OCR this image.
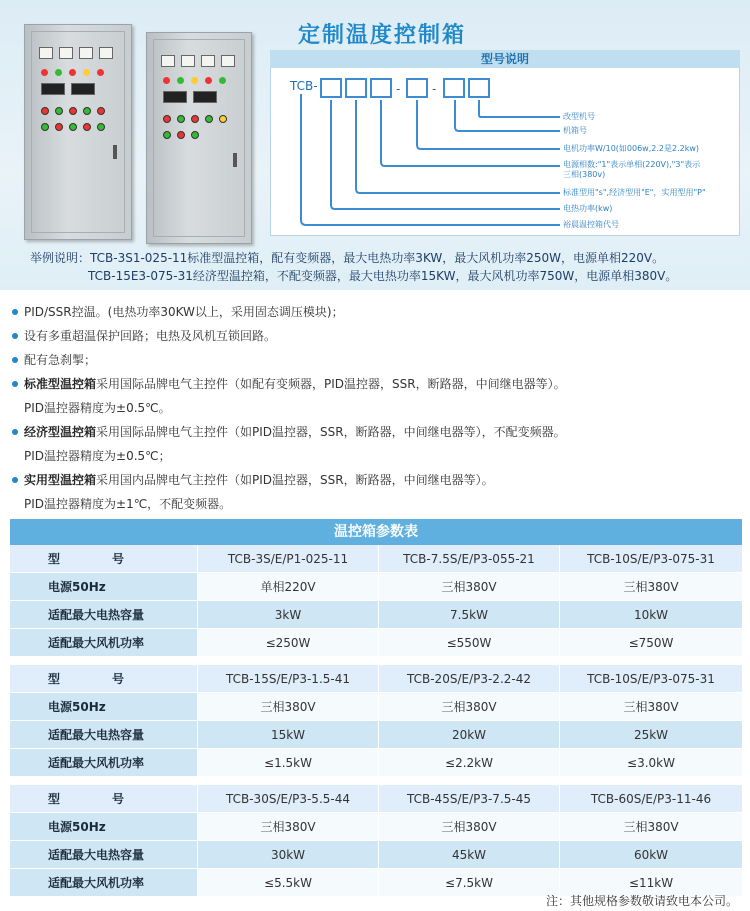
定制温度控制箱
型号说明
TCB-	-	-
改型机号
机箱号
电机功率W/10(如006w,2.2是2.2kw)
电源相数:"1"表示单相(220V),"3"表示
三相(380v)
标准型用"s",经济型用"E"，实用型用"P"
电热功率(kw)
裕晨温控箱代号
举例说明：TCB-3S1-025-11标准型温控箱，配有变频器，最大电热功率3KW，最大风机功率250W，电源单相220V。
TCB-15E3-075-31经济型温控箱，不配变频器，最大电热功率15KW，最大风机功率750W，电源单相380V。
PID/SSR控温。(电热功率30KW以上，采用固态调压模块)；
设有多重超温保护回路；电热及风机互锁回路。
配有急刹掣；
标准型温控箱采用国际品牌电气主控件（如配有变频器，PID温控器，SSR，断路器，中间继电器等）。
PID温控器精度为±0.5℃。
经济型温控箱采用国际品牌电气主控件（如PID温控器，SSR，断路器，中间继电器等），不配变频器。
PID温控器精度为±0.5℃；
实用型温控箱采用国内品牌电气主控件（如PID温控器，SSR，断路器，中间继电器等）。
PID温控器精度为±1℃，不配变频器。
温控箱参数表
型　号	TCB-3S/E/P1-025-11	TCB-7.5S/E/P3-055-21	TCB-10S/E/P3-075-31
电源50Hz	单相220V	三相380V	三相380V
适配最大电热容量	3kW	7.5kW	10kW
适配最大风机功率	≤250W	≤550W	≤750W
型　号	TCB-15S/E/P3-1.5-41	TCB-20S/E/P3-2.2-42	TCB-10S/E/P3-075-31
电源50Hz	三相380V	三相380V	三相380V
适配最大电热容量	15kW	20kW	25kW
适配最大风机功率	≤1.5kW	≤2.2kW	≤3.0kW
型　号	TCB-30S/E/P3-5.5-44	TCB-45S/E/P3-7.5-45	TCB-60S/E/P3-11-46
电源50Hz	三相380V	三相380V	三相380V
适配最大电热容量	30kW	45kW	60kW
适配最大风机功率	≤5.5kW	≤7.5kW	≤11kW
注：其他规格参数敬请致电本公司。
